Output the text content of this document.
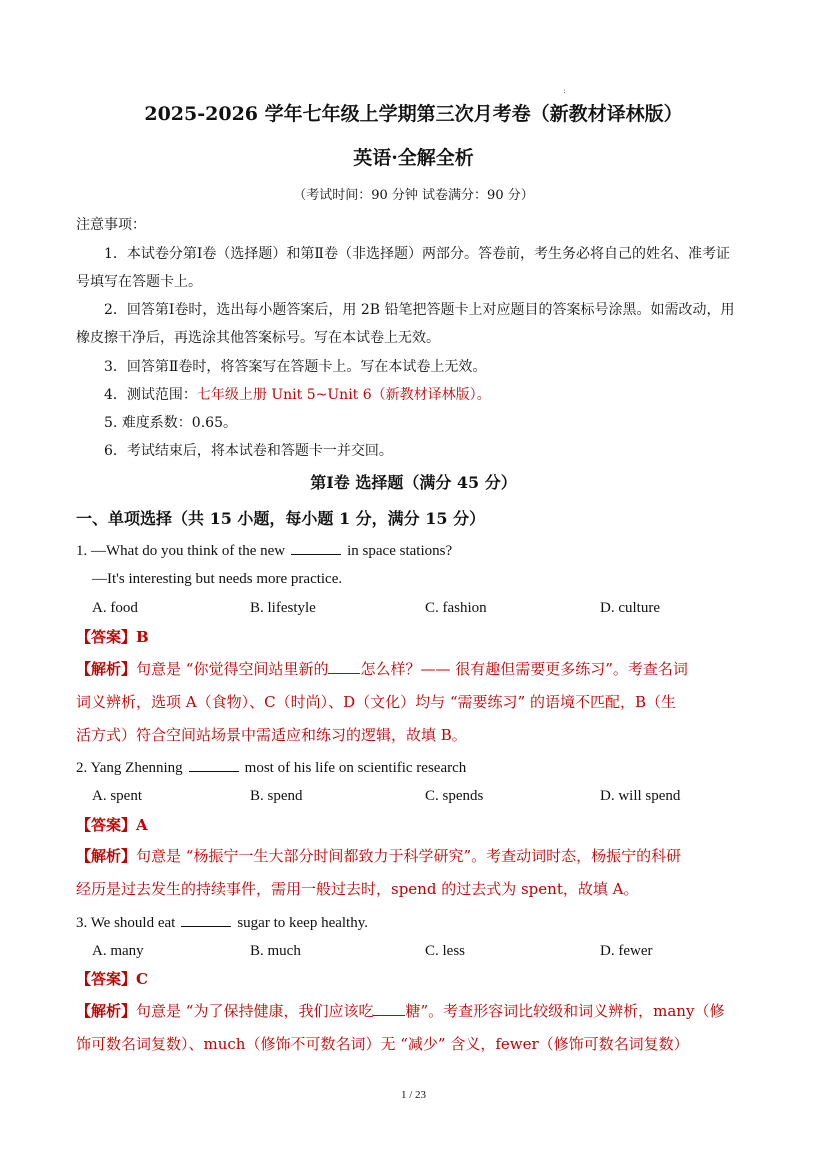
:
2025-2026 学年七年级上学期第三次月考卷（新教材译林版）
英语·全解全析
（考试时间：90 分钟 试卷满分：90 分）
注意事项：
1．本试卷分第Ⅰ卷（选择题）和第Ⅱ卷（非选择题）两部分。答卷前，考生务必将自己的姓名、准考证
号填写在答题卡上。
2．回答第Ⅰ卷时，选出每小题答案后，用 2B 铅笔把答题卡上对应题目的答案标号涂黑。如需改动，用
橡皮擦干净后，再选涂其他答案标号。写在本试卷上无效。
3．回答第Ⅱ卷时，将答案写在答题卡上。写在本试卷上无效。
4．测试范围：七年级上册 Unit 5~Unit 6（新教材译林版）。
5. 难度系数：0.65。
6．考试结束后，将本试卷和答题卡一并交回。
第Ⅰ卷 选择题（满分 45 分）
一、单项选择（共 15 小题，每小题 1 分，满分 15 分）
1. —What do you think of the new	in space stations?
—It's interesting but needs more practice.
A. food	B. lifestyle	C. fashion	D. culture
【答案】B
【解析】句意是 “你觉得空间站里新的 怎么样？—— 很有趣但需要更多练习”。考查名词
词义辨析，选项 A（食物）、C（时尚）、D（文化）均与 “需要练习” 的语境不匹配，B（生
活方式）符合空间站场景中需适应和练习的逻辑，故填 B。
2. Yang Zhenning	most of his life on scientific research
A. spent	B. spend	C. spends	D. will spend
【答案】A
【解析】句意是 “杨振宁一生大部分时间都致力于科学研究”。考查动词时态，杨振宁的科研
经历是过去发生的持续事件，需用一般过去时，spend 的过去式为 spent，故填 A。
3. We should eat	sugar to keep healthy.
A. many	B. much	C. less	D. fewer
【答案】C
【解析】句意是 “为了保持健康，我们应该吃 糖”。考查形容词比较级和词义辨析，many（修
饰可数名词复数）、much（修饰不可数名词）无 “减少” 含义，fewer（修饰可数名词复数）
1 / 23
